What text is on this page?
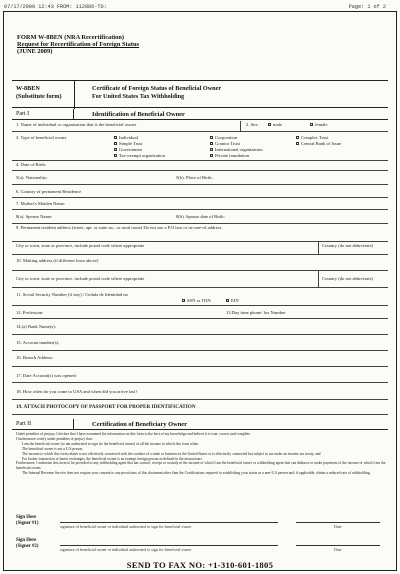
07/17/2009 12:43 FROM: 112886-TO:	Page: 1 of 2
FORM W-8BEN (NRA Recertification)
Request for Recertification of Foreign Status
(JUNE 2009)
W-8BEN
(Substitute form)
Certificate of Foreign Status of Beneficial Owner
For United States Tax Withholding
Part I	Identification of Beneficial Owner
1. Name of individual or organization that is the beneficial owner	2. Sex:	male	female
3. Type of beneficial owner	Individual	Corporation	Complex Trust
Simple Trust	Grantor Trust	Central Bank of Issue
Government	International organization
Tax-exempt organization	Private foundation
4. Date of Birth:
5(a). Nationality:	5(b). Place of Birth:
6. Country of permanent Residence
7. Mother's Maiden Name:
8(a). Spouse Name:	8(b). Spouse date of Birth:
9. Permanent resident address (street, apt. or suite no., or rural route) Do not use a P.O.box or in-care-of address
City or town, state or province, include postal code where appropriate	Country (do not abbreviate)
10. Mailing address (if different from above)
City or town, state or province, include postal code where appropriate	Country (do not abbreviate)
11. Social Security Number (if any) / Cedula de Identidad no
SSN or ITIN	EIN
12. Profession:	13.Day time phone/ fax Number
14.(a) Bank Name(s):
15. Account number(s):
16. Branch Address:
17. Date Account(s) was opened:
18. How often do you come to USA and when did you arrive last?
19. ATTACH PHOTOCOPY OF PASSPORT FOR PROPER IDENTIFICATION
Part II	Certification of Beneficiary Owner

Under penalties of perjury, I declare that I have examined the information on this form to the best of my knowledge and believe it is true, correct and complete.

I furthermore certify under penalties of perjury that:

I am the beneficial owner (or am authorized to sign for the beneficial owner) of all the income to which this form relate.

The beneficial owner is not a U.S person.

The income to which this form relates is not effectively connected with the conduct of a trade or business in the United States or is effectively connected but subject to tax under an income tax treaty, and

For broker transaction or barter exchanges, the beneficial owner is an exempt foreign person as defined in the instructions.

Furthermore, I authorize this form to be provided to any withholding agent that has control, receipt or custody of the income of which I am the beneficial owner or withholding agent that can disburse or make payments of the income of which I am the beneficial owner.

The Internal Revenue Service does not require your consent to any provisions of this document other than the Certifications required to establishing your status as a non-U.S person and, if applicable, obtain a reduced rate of withholding.

Sign Here
(Signer #1)
signature of beneficial owner or individual authorized to sign for beneficial owner	Date
Sign Here
(Signer #2)
signature of beneficial owner or individual authorized to sign for beneficial owner	Date
SEND TO FAX NO: +1-310-601-1805
